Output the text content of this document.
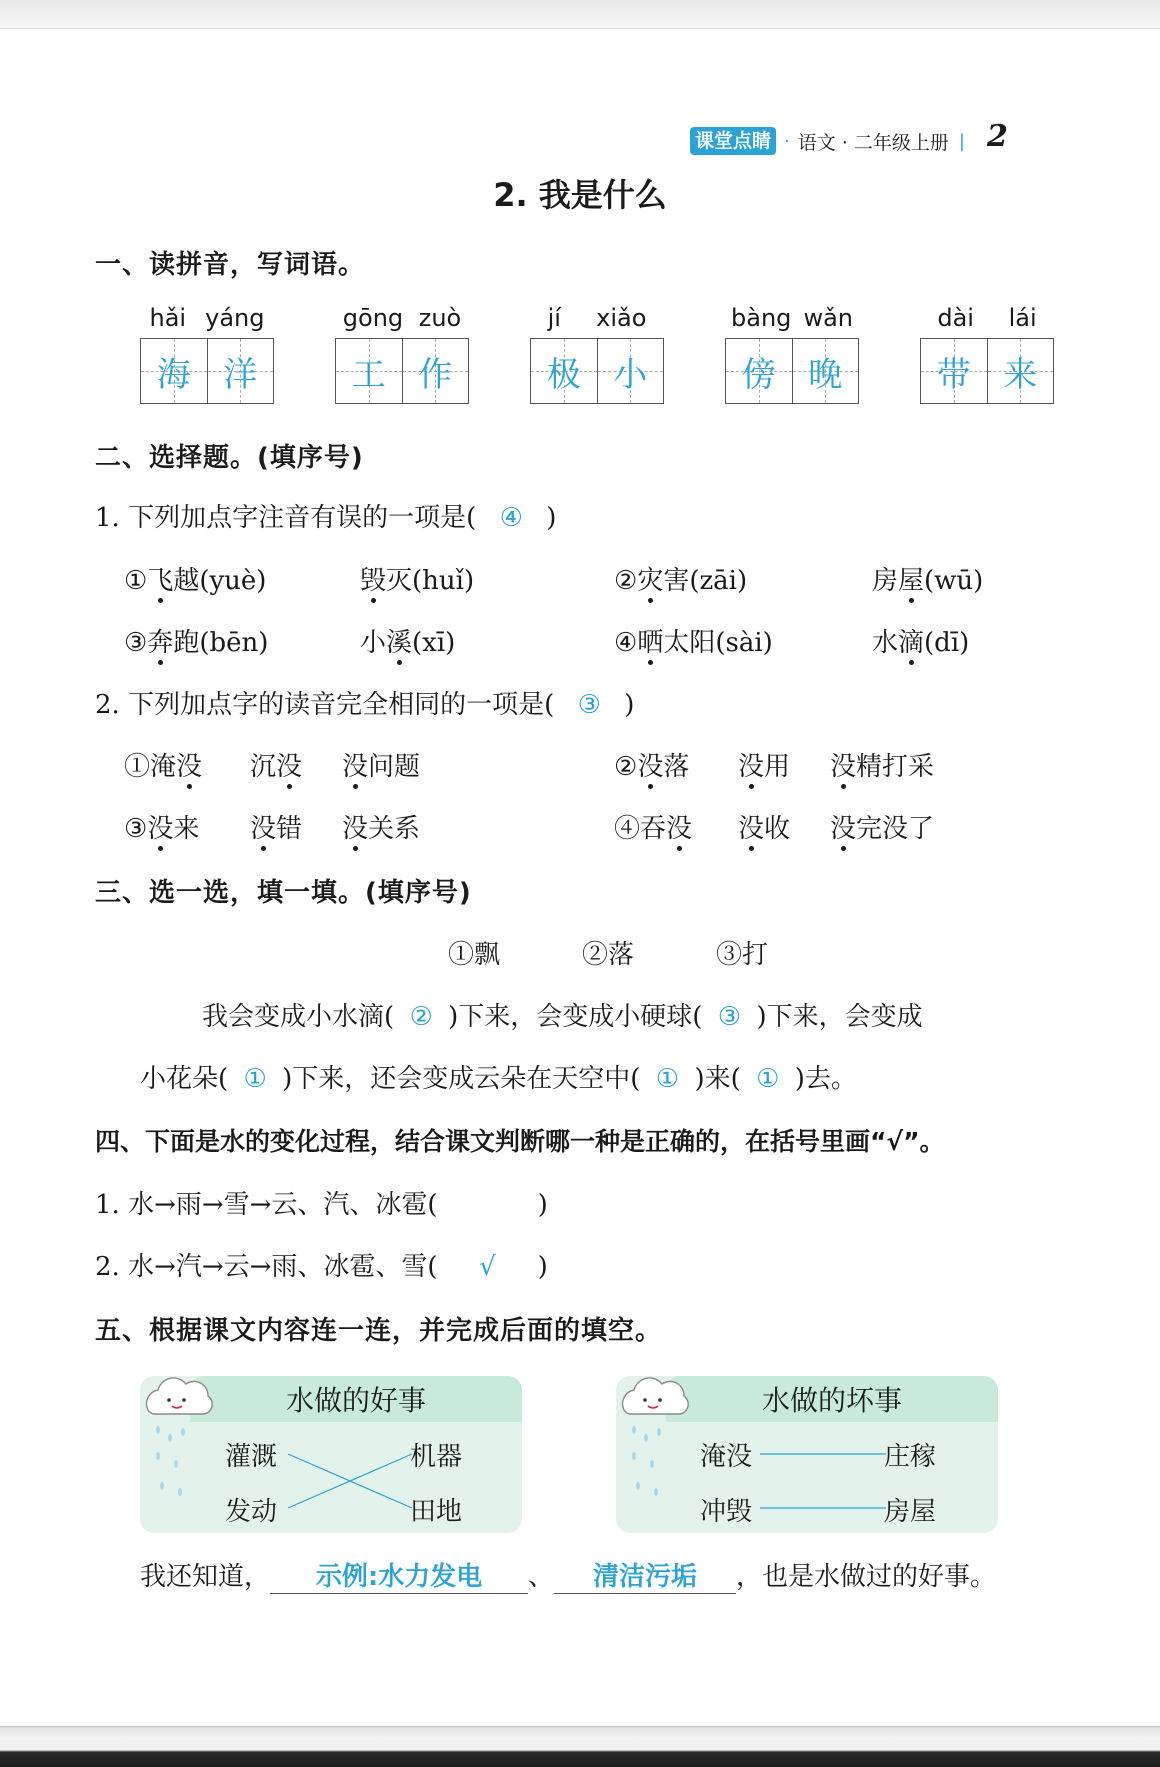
课堂点睛 · 语文 · 二年级上册 | 2
2. 我是什么
一、读拼音，写词语。
hǎi yáng
海 洋
gōng zuò
工 作
jí xiǎo
极 小
bàng wǎn
傍 晚
dài lái
带 来
二、选择题。(填序号)
1. 下列加点字注音有误的一项是( ④ )
①飞越(yuè)	毁灭(huǐ)	②灾害(zāi)	房屋(wū)
③奔跑(bēn)	小溪(xī)	④晒太阳(sài)	水滴(dī)
2. 下列加点字的读音完全相同的一项是( ③ )
①淹没 沉没 没问题	②没落 没用 没精打采
③没来 没错 没关系	④吞没 没收 没完没了
三、选一选，填一填。(填序号)
①飘	②落	③打
我会变成小水滴( ② )下来，会变成小硬球( ③ )下来，会变成
小花朵( ① )下来，还会变成云朵在天空中( ① )来( ① )去。
四、下面是水的变化过程，结合课文判断哪一种是正确的，在括号里画“√”。
1. 水→雨→雪→云、汽、冰雹(	)
2. 水→汽→云→雨、冰雹、雪( √ )
五、根据课文内容连一连，并完成后面的填空。
水做的好事
灌溉
发动
机器
田地
水做的坏事
淹没
冲毁
庄稼
房屋
我还知道， 示例:水力发电 、 清洁污垢 ，也是水做过的好事。
